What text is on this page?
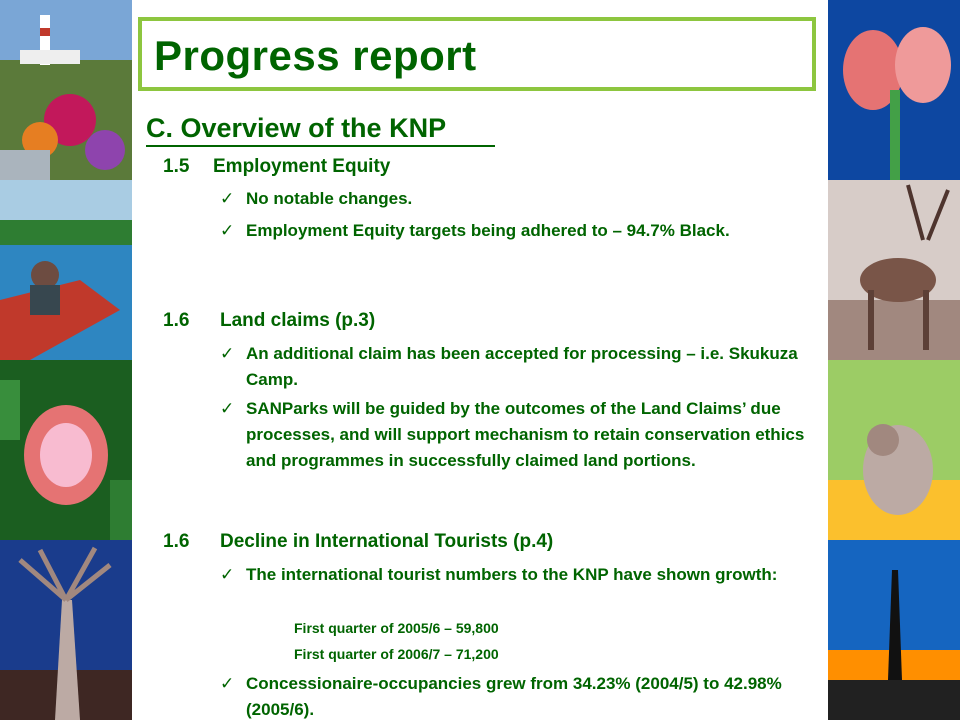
Progress report
C. Overview of the KNP

1.5 Employment Equity

✓ No notable changes.

✓ Employment Equity targets being adhered to – 94.7% Black.

1.6 Land claims (p.3)

✓ An additional claim has been accepted for processing – i.e. Skukuza Camp.

✓ SANParks will be guided by the outcomes of the Land Claims’ due processes, and will support mechanism to retain conservation ethics and programmes in successfully claimed land portions.

1.6 Decline in International Tourists (p.4)

✓ The international tourist numbers to the KNP have shown growth:

First quarter of 2005/6 – 59,800

First quarter of 2006/7 – 71,200

✓ Concessionaire-occupancies grew from 34.23% (2004/5) to 42.98% (2005/6).
